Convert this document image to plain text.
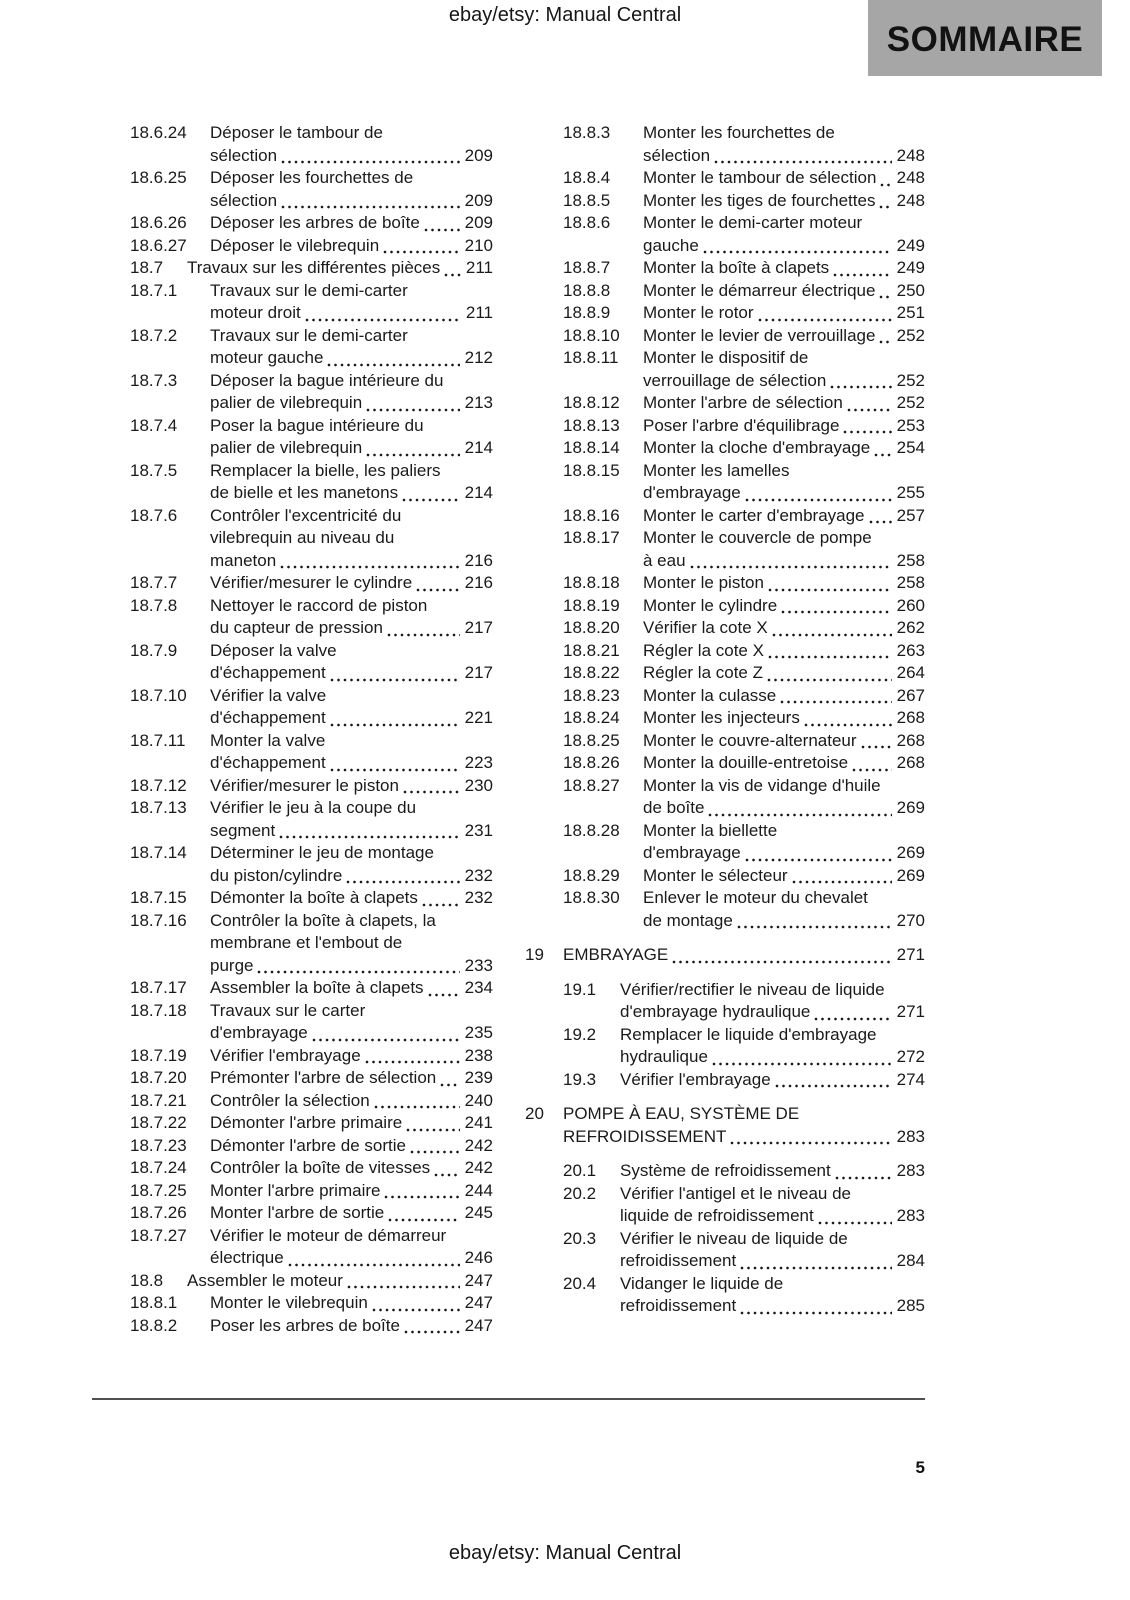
ebay/etsy: Manual Central
SOMMAIRE
18.6.24 Déposer le tambour de
sélection	209
18.6.25 Déposer les fourchettes de
sélection	209
18.6.26 Déposer les arbres de boîte	209
18.6.27 Déposer le vilebrequin	210
18.7 Travaux sur les différentes pièces 211
18.7.1 Travaux sur le demi-carter
moteur droit	211
18.7.2 Travaux sur le demi-carter
moteur gauche	212
18.7.3 Déposer la bague intérieure du
palier de vilebrequin	213
18.7.4 Poser la bague intérieure du
palier de vilebrequin	214
18.7.5 Remplacer la bielle, les paliers
de bielle et les manetons	214
18.7.6 Contrôler l'excentricité du
vilebrequin au niveau du
maneton	216
18.7.7 Vérifier/mesurer le cylindre	216
18.7.8 Nettoyer le raccord de piston
du capteur de pression	217
18.7.9 Déposer la valve
d'échappement	217
18.7.10 Vérifier la valve
d'échappement	221
18.7.11 Monter la valve
d'échappement	223
18.7.12 Vérifier/mesurer le piston	230
18.7.13 Vérifier le jeu à la coupe du
segment	231
18.7.14 Déterminer le jeu de montage
du piston/cylindre	232
18.7.15 Démonter la boîte à clapets	232
18.7.16 Contrôler la boîte à clapets, la
membrane et l'embout de
purge	233
18.7.17 Assembler la boîte à clapets 234
18.7.18 Travaux sur le carter
d'embrayage	235
18.7.19 Vérifier l'embrayage	238
18.7.20 Prémonter l'arbre de sélection 239
18.7.21 Contrôler la sélection	240
18.7.22 Démonter l'arbre primaire	241
18.7.23 Démonter l'arbre de sortie	242
18.7.24 Contrôler la boîte de vitesses 242
18.7.25 Monter l'arbre primaire	244
18.7.26 Monter l'arbre de sortie	245
18.7.27 Vérifier le moteur de démarreur
électrique	246
18.8 Assembler le moteur	247
18.8.1 Monter le vilebrequin	247
18.8.2 Poser les arbres de boîte	247
18.8.3 Monter les fourchettes de
sélection	248
18.8.4 Monter le tambour de sélection 248
18.8.5 Monter les tiges de fourchettes 248
18.8.6 Monter le demi-carter moteur
gauche	249
18.8.7 Monter la boîte à clapets	249
18.8.8 Monter le démarreur électrique 250
18.8.9 Monter le rotor	251
18.8.10 Monter le levier de verrouillage 252
18.8.11 Monter le dispositif de
verrouillage de sélection	252
18.8.12 Monter l'arbre de sélection	252
18.8.13 Poser l'arbre d'équilibrage	253
18.8.14 Monter la cloche d'embrayage 254
18.8.15 Monter les lamelles
d'embrayage	255
18.8.16 Monter le carter d'embrayage 257
18.8.17 Monter le couvercle de pompe
à eau	258
18.8.18 Monter le piston	258
18.8.19 Monter le cylindre	260
18.8.20 Vérifier la cote X	262
18.8.21 Régler la cote X	263
18.8.22 Régler la cote Z	264
18.8.23 Monter la culasse	267
18.8.24 Monter les injecteurs	268
18.8.25 Monter le couvre-alternateur 268
18.8.26 Monter la douille-entretoise	268
18.8.27 Monter la vis de vidange d'huile
de boîte	269
18.8.28 Monter la biellette
d'embrayage	269
18.8.29 Monter le sélecteur	269
18.8.30 Enlever le moteur du chevalet
de montage	270
19 EMBRAYAGE	271
19.1 Vérifier/rectifier le niveau de liquide
d'embrayage hydraulique	271
19.2 Remplacer le liquide d'embrayage
hydraulique	272
19.3 Vérifier l'embrayage	274
20 POMPE À EAU, SYSTÈME DE
REFROIDISSEMENT	283
20.1 Système de refroidissement	283
20.2 Vérifier l'antigel et le niveau de
liquide de refroidissement	283
20.3 Vérifier le niveau de liquide de
refroidissement	284
20.4 Vidanger le liquide de
refroidissement	285
5
ebay/etsy: Manual Central
